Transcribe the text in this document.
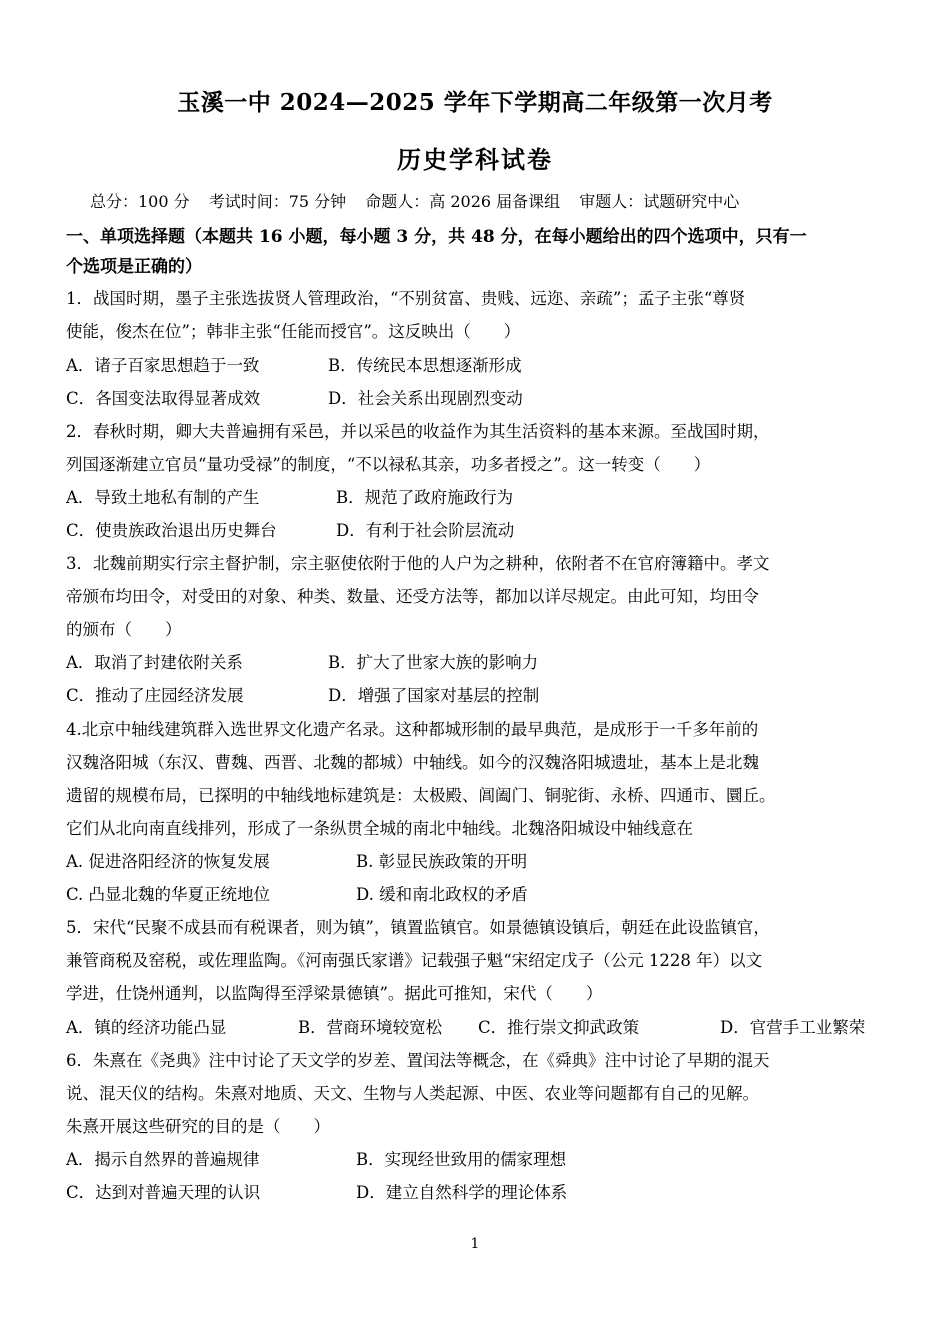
玉溪一中 2024—2025 学年下学期高二年级第一次月考
历史学科试卷
总分：100 分 考试时间：75 分钟 命题人：高 2026 届备课组 审题人：试题研究中心
一、单项选择题（本题共 16 小题，每小题 3 分，共 48 分，在每小题给出的四个选项中，只有一
个选项是正确的）
1．战国时期，墨子主张选拔贤人管理政治，“不别贫富、贵贱、远迩、亲疏”；孟子主张“尊贤
使能，俊杰在位”；韩非主张“任能而授官”。这反映出（　　）
A．诸子百家思想趋于一致	B．传统民本思想逐渐形成
C．各国变法取得显著成效	D．社会关系出现剧烈变动
2．春秋时期，卿大夫普遍拥有采邑，并以采邑的收益作为其生活资料的基本来源。至战国时期，
列国逐渐建立官员“量功受禄”的制度，“不以禄私其亲，功多者授之”。这一转变（　　）
A．导致土地私有制的产生	B．规范了政府施政行为
C．使贵族政治退出历史舞台	D．有利于社会阶层流动
3．北魏前期实行宗主督护制，宗主驱使依附于他的人户为之耕种，依附者不在官府簿籍中。孝文
帝颁布均田令，对受田的对象、种类、数量、还受方法等，都加以详尽规定。由此可知，均田令
的颁布（　　）
A．取消了封建依附关系	B．扩大了世家大族的影响力
C．推动了庄园经济发展	D．增强了国家对基层的控制
4.北京中轴线建筑群入选世界文化遗产名录。这种都城形制的最早典范，是成形于一千多年前的
汉魏洛阳城（东汉、曹魏、西晋、北魏的都城）中轴线。如今的汉魏洛阳城遗址，基本上是北魏
遗留的规模布局，已探明的中轴线地标建筑是：太极殿、阊阖门、铜驼街、永桥、四通市、圜丘。
它们从北向南直线排列，形成了一条纵贯全城的南北中轴线。北魏洛阳城设中轴线意在
A. 促进洛阳经济的恢复发展	B. 彰显民族政策的开明
C. 凸显北魏的华夏正统地位	D. 缓和南北政权的矛盾
5．宋代“民聚不成县而有税课者，则为镇”，镇置监镇官。如景德镇设镇后，朝廷在此设监镇官，
兼管商税及窑税，或佐理监陶。《河南强氏家谱》记载强子魁“宋绍定戊子（公元 1228 年）以文
学进，仕饶州通判，以监陶得至浮梁景德镇”。据此可推知，宋代（　　）
A．镇的经济功能凸显	B．营商环境较宽松 C．推行崇文抑武政策	D．官营手工业繁荣
6．朱熹在《尧典》注中讨论了天文学的岁差、置闰法等概念，在《舜典》注中讨论了早期的混天
说、混天仪的结构。朱熹对地质、天文、生物与人类起源、中医、农业等问题都有自己的见解。
朱熹开展这些研究的目的是（　　）
A．揭示自然界的普遍规律	B．实现经世致用的儒家理想
C．达到对普遍天理的认识	D．建立自然科学的理论体系
1
